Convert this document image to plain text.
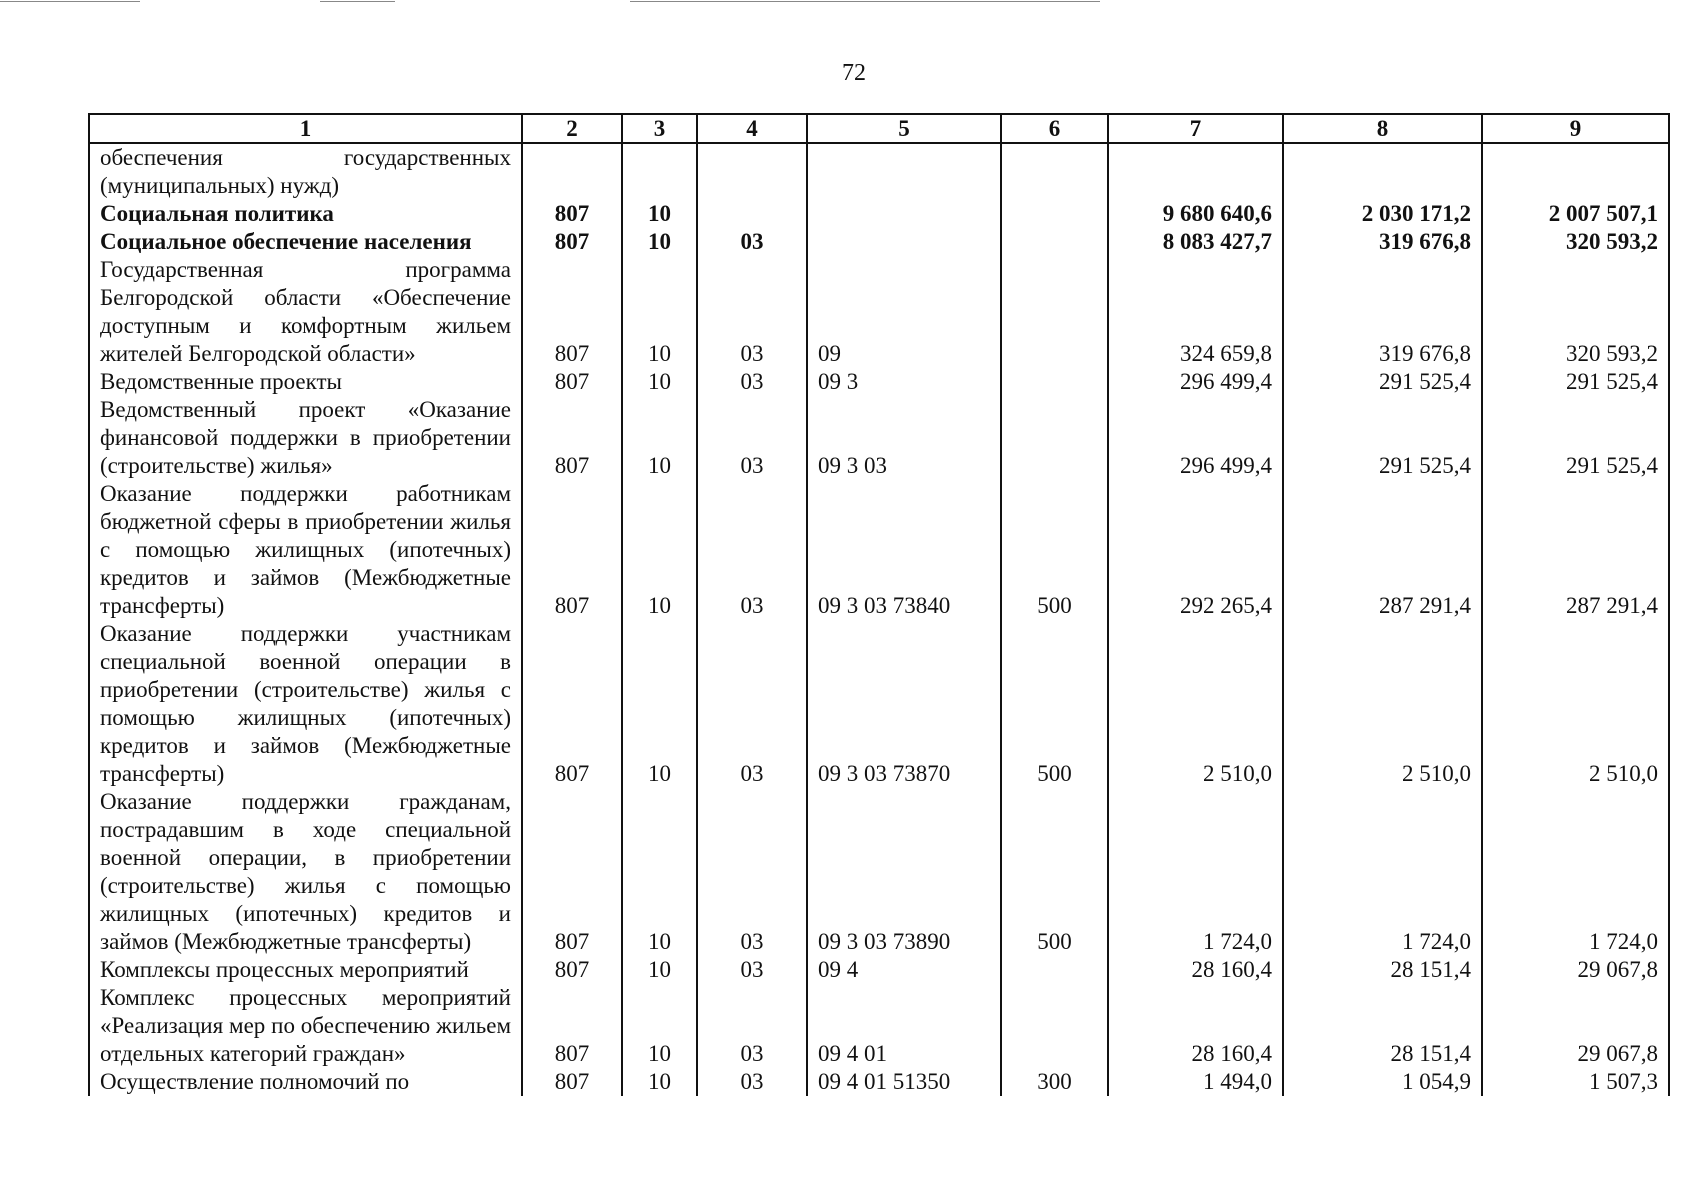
72
1	2	3	4	5	6	7	8	9
обеспечения государственных (муниципальных) нужд)								
Социальная политика	807	10				9 680 640,6	2 030 171,2	2 007 507,1
Социальное обеспечение населения	807	10	03			8 083 427,7	319 676,8	320 593,2
Государственная программа Белгородской области «Обеспечение доступным и комфортным жильем жителей Белгородской области»	807	10	03	09		324 659,8	319 676,8	320 593,2
Ведомственные проекты	807	10	03	09 3		296 499,4	291 525,4	291 525,4
Ведомственный проект «Оказание финансовой поддержки в приобретении (строительстве) жилья»	807	10	03	09 3 03		296 499,4	291 525,4	291 525,4
Оказание поддержки работникам бюджетной сферы в приобретении жилья с помощью жилищных (ипотечных) кредитов и займов (Межбюджетные трансферты)	807	10	03	09 3 03 73840	500	292 265,4	287 291,4	287 291,4
Оказание поддержки участникам специальной военной операции в приобретении (строительстве) жилья с помощью жилищных (ипотечных) кредитов и займов (Межбюджетные трансферты)	807	10	03	09 3 03 73870	500	2 510,0	2 510,0	2 510,0
Оказание поддержки гражданам, пострадавшим в ходе специальной военной операции, в приобретении (строительстве) жилья с помощью жилищных (ипотечных) кредитов и займов (Межбюджетные трансферты)	807	10	03	09 3 03 73890	500	1 724,0	1 724,0	1 724,0
Комплексы процессных мероприятий	807	10	03	09 4		28 160,4	28 151,4	29 067,8
Комплекс процессных мероприятий «Реализация мер по обеспечению жильем отдельных категорий граждан»	807	10	03	09 4 01		28 160,4	28 151,4	29 067,8
Осуществление полномочий по	807	10	03	09 4 01 51350	300	1 494,0	1 054,9	1 507,3
